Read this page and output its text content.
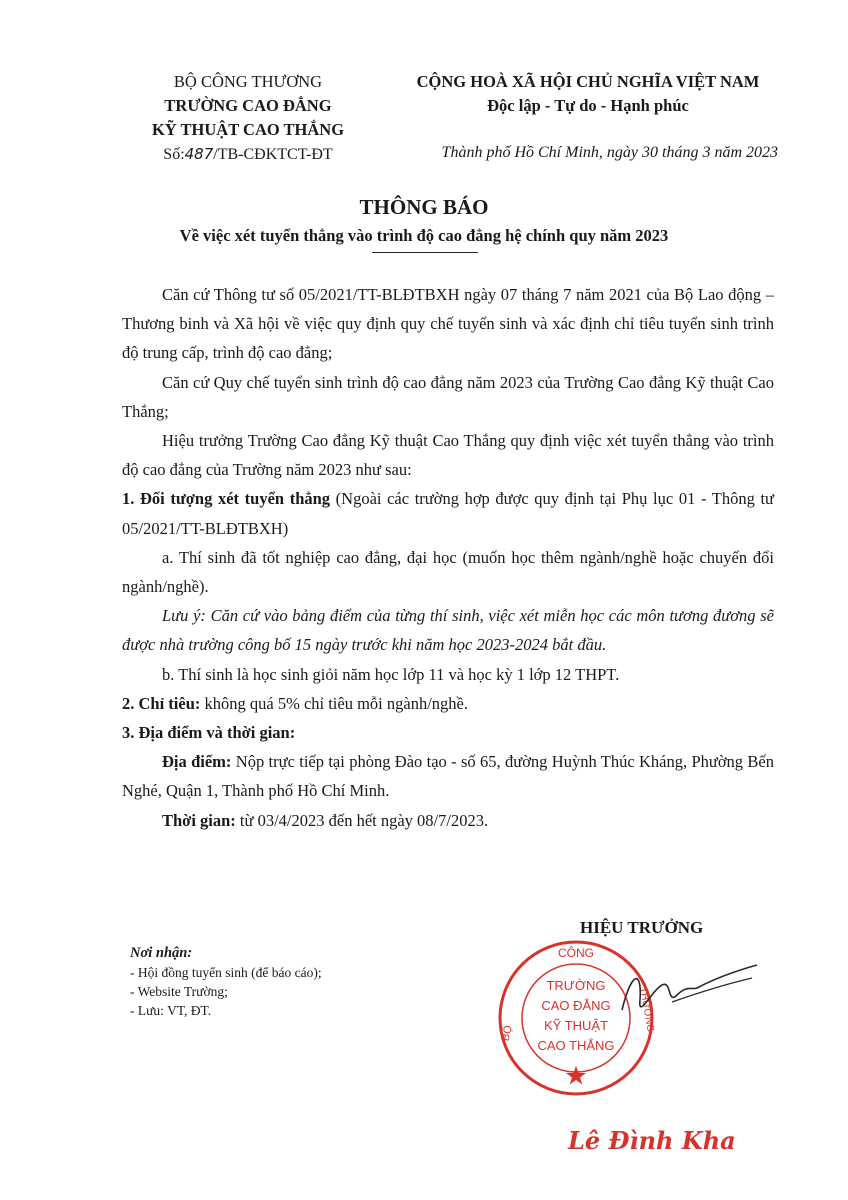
BỘ CÔNG THƯƠNG
TRƯỜNG CAO ĐẲNG
KỸ THUẬT CAO THẮNG
Số:487/TB-CĐKTCT-ĐT
CỘNG HOÀ XÃ HỘI CHỦ NGHĨA VIỆT NAM
Độc lập - Tự do - Hạnh phúc
Thành phố Hồ Chí Minh, ngày 30 tháng 3 năm 2023
THÔNG BÁO
Về việc xét tuyển thẳng vào trình độ cao đẳng hệ chính quy năm 2023

Căn cứ Thông tư số 05/2021/TT-BLĐTBXH ngày 07 tháng 7 năm 2021 của Bộ Lao động – Thương binh và Xã hội về việc quy định quy chế tuyển sinh và xác định chỉ tiêu tuyển sinh trình độ trung cấp, trình độ cao đẳng;

Căn cứ Quy chế tuyển sinh trình độ cao đẳng năm 2023 của Trường Cao đẳng Kỹ thuật Cao Thắng;

Hiệu trưởng Trường Cao đẳng Kỹ thuật Cao Thắng quy định việc xét tuyển thẳng vào trình độ cao đẳng của Trường năm 2023 như sau:

1. Đối tượng xét tuyển thẳng (Ngoài các trường hợp được quy định tại Phụ lục 01 - Thông tư 05/2021/TT-BLĐTBXH)

a. Thí sinh đã tốt nghiệp cao đẳng, đại học (muốn học thêm ngành/nghề hoặc chuyển đổi ngành/nghề).

Lưu ý: Căn cứ vào bảng điểm của từng thí sinh, việc xét miễn học các môn tương đương sẽ được nhà trường công bố 15 ngày trước khi năm học 2023-2024 bắt đầu.

b. Thí sinh là học sinh giỏi năm học lớp 11 và học kỳ 1 lớp 12 THPT.

2. Chỉ tiêu: không quá 5% chỉ tiêu mỗi ngành/nghề.

3. Địa điểm và thời gian:

Địa điểm: Nộp trực tiếp tại phòng Đào tạo - số 65, đường Huỳnh Thúc Kháng, Phường Bến Nghé, Quận 1, Thành phố Hồ Chí Minh.

Thời gian: từ 03/4/2023 đến hết ngày 08/7/2023.

HIỆU TRƯỞNG
Nơi nhận:
- Hội đồng tuyển sinh (để báo cáo);
- Website Trường;
- Lưu: VT, ĐT.
CÔNG
BỘ
THƯƠNG
TRƯỜNG
CAO ĐẲNG
KỸ THUẬT
CAO THẮNG
Lê Đình Kha
